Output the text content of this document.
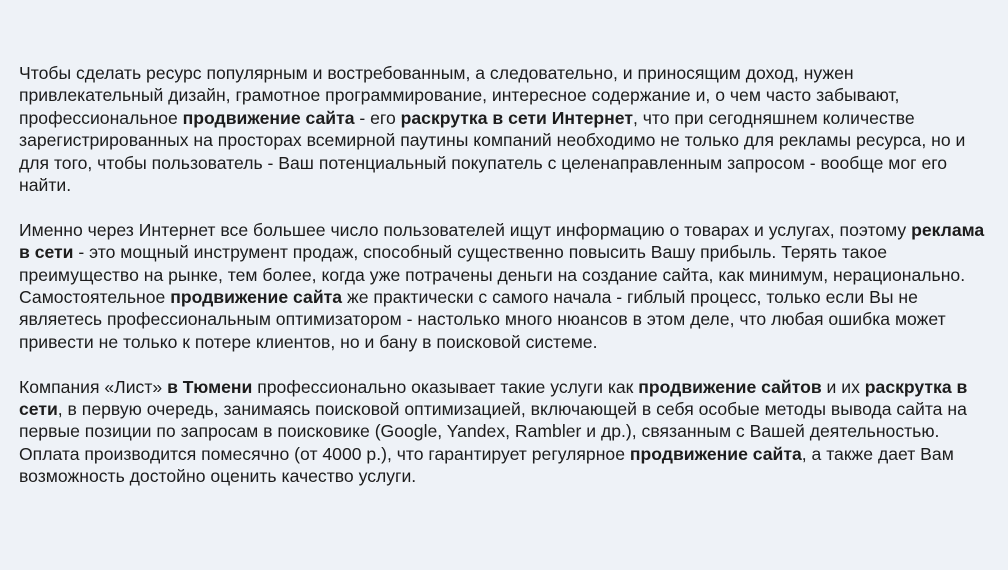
Чтобы сделать ресурс популярным и востребованным, а следовательно, и приносящим доход, нужен привлекательный дизайн, грамотное программирование, интересное содержание и, о чем часто забывают, профессиональное продвижение сайта - его раскрутка в сети Интернет, что при сегодняшнем количестве зарегистрированных на просторах всемирной паутины компаний необходимо не только для рекламы ресурса, но и для того, чтобы пользователь - Ваш потенциальный покупатель с целенаправленным запросом - вообще мог его найти.

Именно через Интернет все большее число пользователей ищут информацию о товарах и услугах, поэтому реклама в сети - это мощный инструмент продаж, способный существенно повысить Вашу прибыль. Терять такое преимущество на рынке, тем более, когда уже потрачены деньги на создание сайта, как минимум, нерационально. Самостоятельное продвижение сайта же практически с самого начала - гиблый процесс, только если Вы не являетесь профессиональным оптимизатором - настолько много нюансов в этом деле, что любая ошибка может привести не только к потере клиентов, но и бану в поисковой системе.

Компания «Лист» в Тюмени профессионально оказывает такие услуги как продвижение сайтов и их раскрутка в сети, в первую очередь, занимаясь поисковой оптимизацией, включающей в себя особые методы вывода сайта на первые позиции по запросам в поисковике (Google, Yandex, Rambler и др.), связанным с Вашей деятельностью. Оплата производится помесячно (от 4000 р.), что гарантирует регулярное продвижение сайта, а также дает Вам возможность достойно оценить качество услуги.
